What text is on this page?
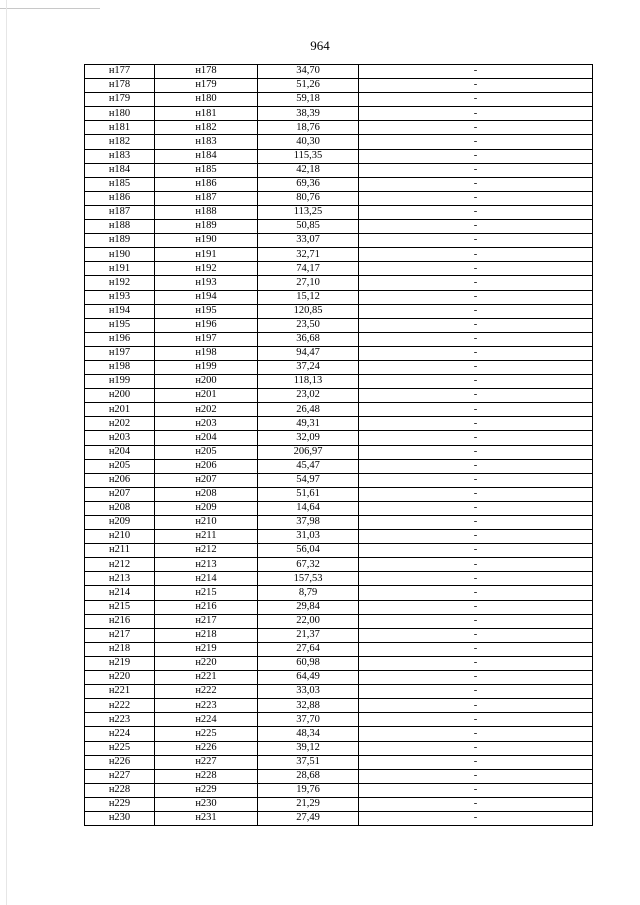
964
н177	н178	34,70	-
н178	н179	51,26	-
н179	н180	59,18	-
н180	н181	38,39	-
н181	н182	18,76	-
н182	н183	40,30	-
н183	н184	115,35	-
н184	н185	42,18	-
н185	н186	69,36	-
н186	н187	80,76	-
н187	н188	113,25	-
н188	н189	50,85	-
н189	н190	33,07	-
н190	н191	32,71	-
н191	н192	74,17	-
н192	н193	27,10	-
н193	н194	15,12	-
н194	н195	120,85	-
н195	н196	23,50	-
н196	н197	36,68	-
н197	н198	94,47	-
н198	н199	37,24	-
н199	н200	118,13	-
н200	н201	23,02	-
н201	н202	26,48	-
н202	н203	49,31	-
н203	н204	32,09	-
н204	н205	206,97	-
н205	н206	45,47	-
н206	н207	54,97	-
н207	н208	51,61	-
н208	н209	14,64	-
н209	н210	37,98	-
н210	н211	31,03	-
н211	н212	56,04	-
н212	н213	67,32	-
н213	н214	157,53	-
н214	н215	8,79	-
н215	н216	29,84	-
н216	н217	22,00	-
н217	н218	21,37	-
н218	н219	27,64	-
н219	н220	60,98	-
н220	н221	64,49	-
н221	н222	33,03	-
н222	н223	32,88	-
н223	н224	37,70	-
н224	н225	48,34	-
н225	н226	39,12	-
н226	н227	37,51	-
н227	н228	28,68	-
н228	н229	19,76	-
н229	н230	21,29	-
н230	н231	27,49	-
